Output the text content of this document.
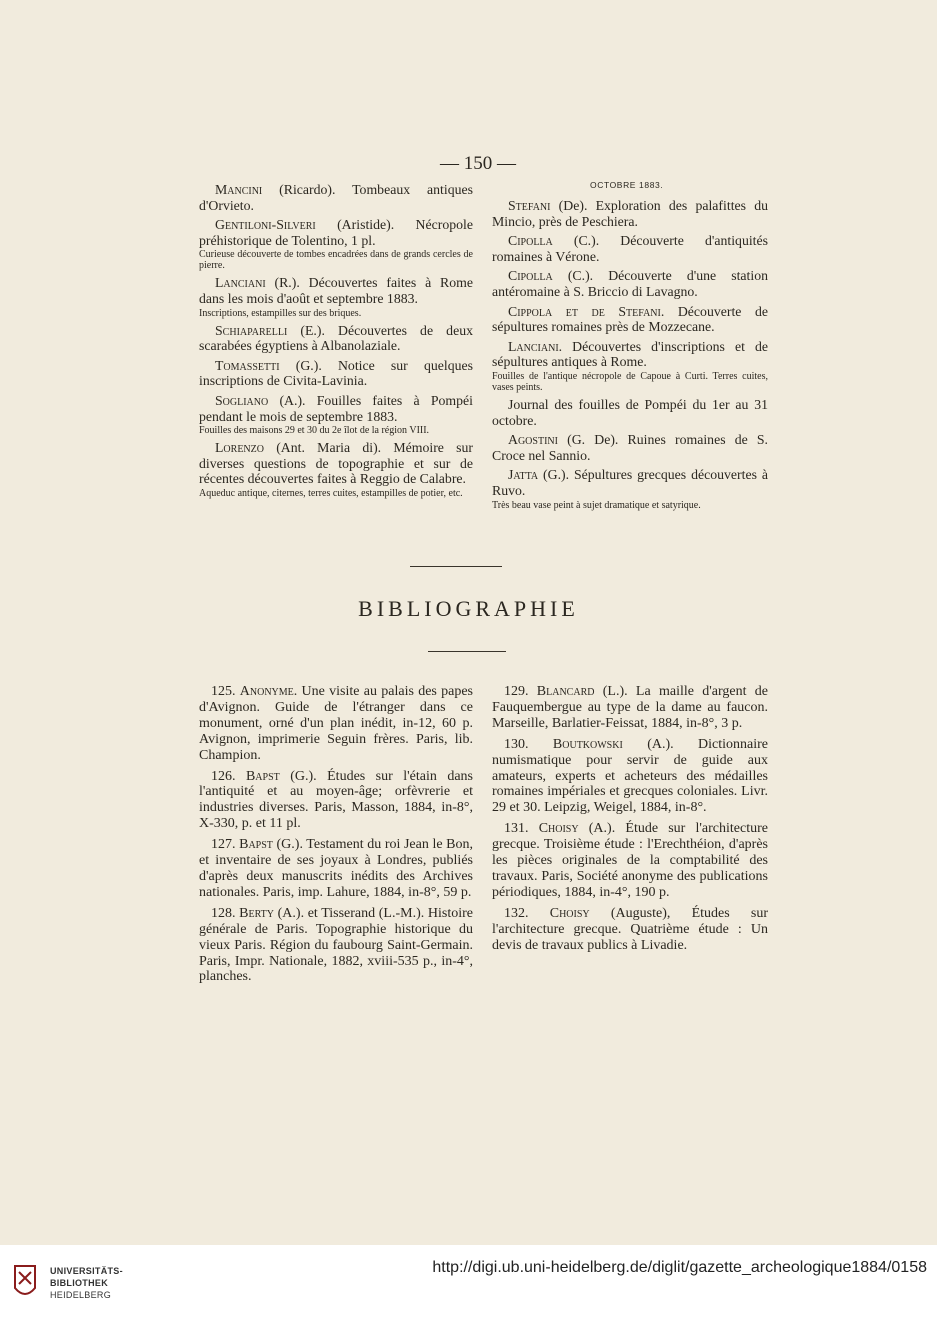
— 150 —
OCTOBRE 1883.
Mancini (Ricardo). Tombeaux antiques d'Orvieto.
Gentiloni-Silveri (Aristide). Nécropole préhistorique de Tolentino, 1 pl.
Curieuse découverte de tombes encadrées dans de grands cercles de pierre.
Lanciani (R.). Découvertes faites à Rome dans les mois d'août et septembre 1883.
Inscriptions, estampilles sur des briques.
Schiaparelli (E.). Découvertes de deux scarabées égyptiens à Albanolaziale.
Tomassetti (G.). Notice sur quelques inscriptions de Civita-Lavinia.
Sogliano (A.). Fouilles faites à Pompéi pendant le mois de septembre 1883.
Fouilles des maisons 29 et 30 du 2e îlot de la région VIII.
Lorenzo (Ant. Maria di). Mémoire sur diverses questions de topographie et sur de récentes découvertes faites à Reggio de Calabre.
Aqueduc antique, citernes, terres cuites, estampilles de potier, etc.
Stefani (De). Exploration des palafittes du Mincio, près de Peschiera.
Cipolla (C.). Découverte d'antiquités romaines à Vérone.
Cipolla (C.). Découverte d'une station antéromaine à S. Briccio di Lavagno.
Cippola et de Stefani. Découverte de sépultures romaines près de Mozzecane.
Lanciani. Découvertes d'inscriptions et de sépultures antiques à Rome.
Fouilles de l'antique nécropole de Capoue à Curti. Terres cuites, vases peints.
Journal des fouilles de Pompéi du 1er au 31 octobre.
Agostini (G. De). Ruines romaines de S. Croce nel Sannio.
Jatta (G.). Sépultures grecques découvertes à Ruvo.
Très beau vase peint à sujet dramatique et satyrique.
BIBLIOGRAPHIE
125. Anonyme. Une visite au palais des papes d'Avignon. Guide de l'étranger dans ce monument, orné d'un plan inédit, in-12, 60 p. Avignon, imprimerie Seguin frères. Paris, lib. Champion.
126. Bapst (G.). Études sur l'étain dans l'antiquité et au moyen-âge; orfèvrerie et industries diverses. Paris, Masson, 1884, in-8°, X-330, p. et 11 pl.
127. Bapst (G.). Testament du roi Jean le Bon, et inventaire de ses joyaux à Londres, publiés d'après deux manuscrits inédits des Archives nationales. Paris, imp. Lahure, 1884, in-8°, 59 p.
128. Berty (A.). et Tisserand (L.-M.). Histoire générale de Paris. Topographie historique du vieux Paris. Région du faubourg Saint-Germain. Paris, Impr. Nationale, 1882, xviii-535 p., in-4°, planches.
129. Blancard (L.). La maille d'argent de Fauquembergue au type de la dame au faucon. Marseille, Barlatier-Feissat, 1884, in-8°, 3 p.
130. Boutkowski (A.). Dictionnaire numismatique pour servir de guide aux amateurs, experts et acheteurs des médailles romaines impériales et grecques coloniales. Livr. 29 et 30. Leipzig, Weigel, 1884, in-8°.
131. Choisy (A.). Étude sur l'architecture grecque. Troisième étude : l'Erechthéion, d'après les pièces originales de la comptabilité des travaux. Paris, Société anonyme des publications périodiques, 1884, in-4°, 190 p.
132. Choisy (Auguste), Études sur l'architecture grecque. Quatrième étude : Un devis de travaux publics à Livadie.
UNIVERSITÄTS-
BIBLIOTHEK
HEIDELBERG
http://digi.ub.uni-heidelberg.de/diglit/gazette_archeologique1884/0158
